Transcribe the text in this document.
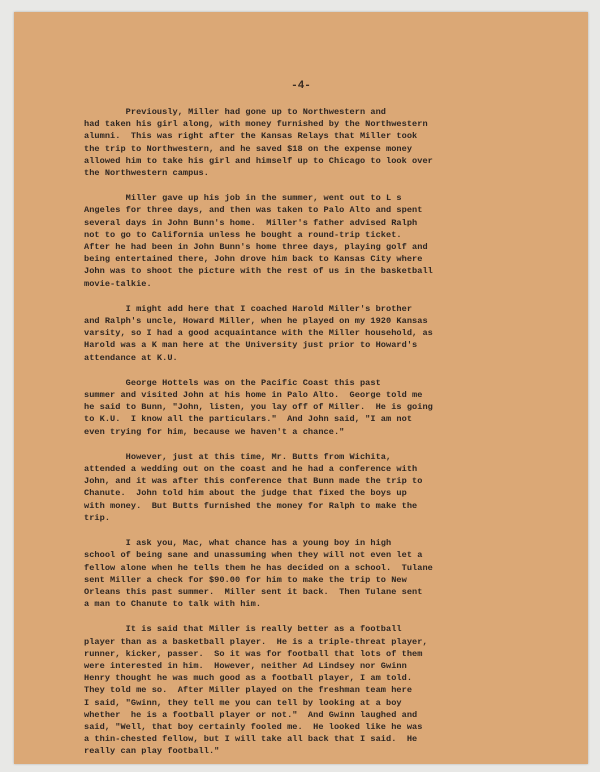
-4-
Previously, Miller had gone up to Northwestern and
had taken his girl along, with money furnished by the Northwestern
alumni.  This was right after the Kansas Relays that Miller took
the trip to Northwestern, and he saved $18 on the expense money
allowed him to take his girl and himself up to Chicago to look over
the Northwestern campus.
Miller gave up his job in the summer, went out to L s
Angeles for three days, and then was taken to Palo Alto and spent
several days in John Bunn's home.  Miller's father advised Ralph
not to go to California unless he bought a round-trip ticket.
After he had been in John Bunn's home three days, playing golf and
being entertained there, John drove him back to Kansas City where
John was to shoot the picture with the rest of us in the basketball
movie-talkie.
I might add here that I coached Harold Miller's brother
and Ralph's uncle, Howard Miller, when he played on my 1920 Kansas
varsity, so I had a good acquaintance with the Miller household, as
Harold was a K man here at the University just prior to Howard's
attendance at K.U.
George Hottels was on the Pacific Coast this past
summer and visited John at his home in Palo Alto.  George told me
he said to Bunn, "John, listen, you lay off of Miller.  He is going
to K.U.  I know all the particulars."  And John said, "I am not
even trying for him, because we haven't a chance."
However, just at this time, Mr. Butts from Wichita,
attended a wedding out on the coast and he had a conference with
John, and it was after this conference that Bunn made the trip to
Chanute.  John told him about the judge that fixed the boys up
with money.  But Butts furnished the money for Ralph to make the
trip.
I ask you, Mac, what chance has a young boy in high
school of being sane and unassuming when they will not even let a
fellow alone when he tells them he has decided on a school.  Tulane
sent Miller a check for $90.00 for him to make the trip to New
Orleans this past summer.  Miller sent it back.  Then Tulane sent
a man to Chanute to talk with him.
It is said that Miller is really better as a football
player than as a basketball player.  He is a triple-threat player,
runner, kicker, passer.  So it was for football that lots of them
were interested in him.  However, neither Ad Lindsey nor Gwinn
Henry thought he was much good as a football player, I am told.
They told me so.  After Miller played on the freshman team here
I said, "Gwinn, they tell me you can tell by looking at a boy
whether  he is a football player or not."  And Gwinn laughed and
said, "Well, that boy certainly fooled me.  He looked like he was
a thin-chested fellow, but I will take all back that I said.  He
really can play football."
